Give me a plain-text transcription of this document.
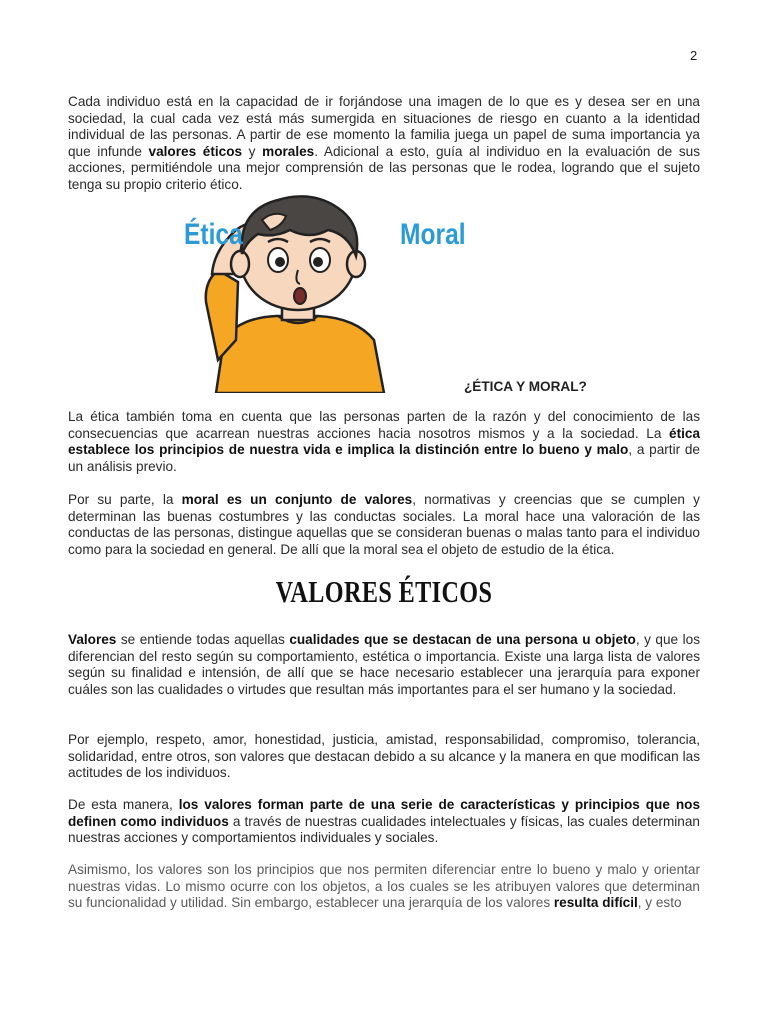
2

Cada individuo está en la capacidad de ir forjándose una imagen de lo que es y desea ser en una sociedad, la cual cada vez está más sumergida en situaciones de riesgo en cuanto a la identidad individual de las personas. A partir de ese momento la familia juega un papel de suma importancia ya que infunde valores éticos y morales. Adicional a esto, guía al individuo en la evaluación de sus acciones, permitiéndole una mejor comprensión de las personas que le rodea, logrando que el sujeto tenga su propio criterio ético.

Ética	Moral
¿ÉTICA Y MORAL?

La ética también toma en cuenta que las personas parten de la razón y del conocimiento de las consecuencias que acarrean nuestras acciones hacia nosotros mismos y a la sociedad. La ética establece los principios de nuestra vida e implica la distinción entre lo bueno y malo, a partir de un análisis previo.

Por su parte, la moral es un conjunto de valores, normativas y creencias que se cumplen y determinan las buenas costumbres y las conductas sociales. La moral hace una valoración de las conductas de las personas, distingue aquellas que se consideran buenas o malas tanto para el individuo como para la sociedad en general. De allí que la moral sea el objeto de estudio de la ética.

VALORES ÉTICOS

Valores se entiende todas aquellas cualidades que se destacan de una persona u objeto, y que los diferencian del resto según su comportamiento, estética o importancia. Existe una larga lista de valores según su finalidad e intensión, de allí que se hace necesario establecer una jerarquía para exponer cuáles son las cualidades o virtudes que resultan más importantes para el ser humano y la sociedad.

Por ejemplo, respeto, amor, honestidad, justicia, amistad, responsabilidad, compromiso, tolerancia, solidaridad, entre otros, son valores que destacan debido a su alcance y la manera en que modifican las actitudes de los individuos.

De esta manera, los valores forman parte de una serie de características y principios que nos definen como individuos a través de nuestras cualidades intelectuales y físicas, las cuales determinan nuestras acciones y comportamientos individuales y sociales.

Asimismo, los valores son los principios que nos permiten diferenciar entre lo bueno y malo y orientar nuestras vidas. Lo mismo ocurre con los objetos, a los cuales se les atribuyen valores que determinan su funcionalidad y utilidad. Sin embargo, establecer una jerarquía de los valores resulta difícil, y esto
